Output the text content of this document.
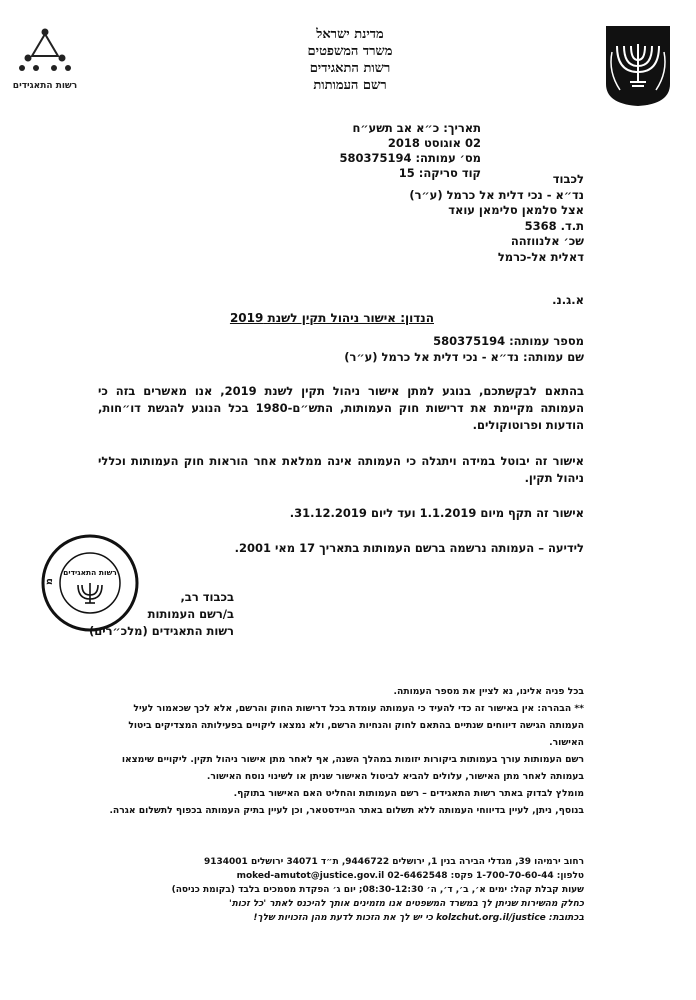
רשות התאגידים
מדינת ישראל
משרד המשפטים
רשות התאגידים
רשם העמותות
תאריך: כ״א אב תשע״ח
02 אוגוסט 2018
מס׳ עמותה: 580375194
קוד סריקה: 15	לכבוד
נד״א - נכי דלית אל כרמל (ע״ר)
אצל סלמאן סלימאן עואד
ת.ד. 5368
שכ׳ אלנווזהה
דאלית אל-כרמל
א.ג.נ.
הנדון: אישור ניהול תקין לשנת 2019
מספר עמותה: 580375194
שם עמותה: נד״א - נכי דלית אל כרמל (ע״ר)
בהתאם לבקשתכם, בנוגע למתן אישור ניהול תקין לשנת 2019, אנו מאשרים בזה כי העמותה מקיימת את דרישות חוק העמותות, התש״ם-1980 בכל הנוגע להגשת דו״חות, הודעות ופרוטוקולים.
אישור זה יבוטל במידה ויתגלה כי העמותה אינה ממלאת אחר הוראות חוק העמותות וכללי ניהול תקין.
אישור זה תקף מיום 1.1.2019 ועד ליום 31.12.2019.
לידיעה – העמותה נרשמה ברשם העמותות בתאריך 17 מאי 2001.
מ
רשות התאגידים
בכבוד רב,
ב/רשם העמותות
רשות התאגידים (מלכ״רים)
בכל פניה אלינו, נא לציין את מספר העמותה.
** הבהרה: אין באישור זה כדי להעיד כי העמותה עומדת בכל דרישות החוק והרשם, אלא לכך שכאמור לעיל
העמותה הגישה דיווחים שנתיים בהתאם לחוק והנחיות הרשם, ולא נמצאו ליקויים בפעילותה המצדיקים ביטול
האישור.
רשם העמותות עורך בעמותות ביקורות יזומות במהלך השנה, אף לאחר מתן אישור ניהול תקין. ליקויים שימצאו
בעמותה לאחר מתן האישור, עלולים להביא לביטול האישור שניתן או לשינוי נוסח האישור.
מומלץ לבדוק באתר רשות התאגידים – רשם העמותות והחליט האם האישור בתוקף.
בנוסף, ניתן, לעיין בדיווחי העמותה ללא תשלום באתר הגיידסטאר, וכן לעיין בתיק העמותה בכפוף לתשלום אגרה.
רחוב ירמיהו 39, מגדלי הבירה בנין 1, ירושלים 9446722, ת״ד 34071 ירושלים 9134001
טלפון: 1-700-70-60-44 פקס: 02-6462548 moked-amutot@justice.gov.il
שעות קבלת קהל: ימים א׳, ב׳, ד׳, ה׳ 08:30-12:30; יום ג׳ הפקדת מסמכים בלבד (בקומת כניסה)
כחלק מהשירות שניתן לך במשרד המשפטים אנו מזמינים אותך להיכנס לאתר 'כל זכות'
בכתובת: kolzchut.org.il/justice כי יש לך את הזכות לדעת מהן הזכויות שלך!
